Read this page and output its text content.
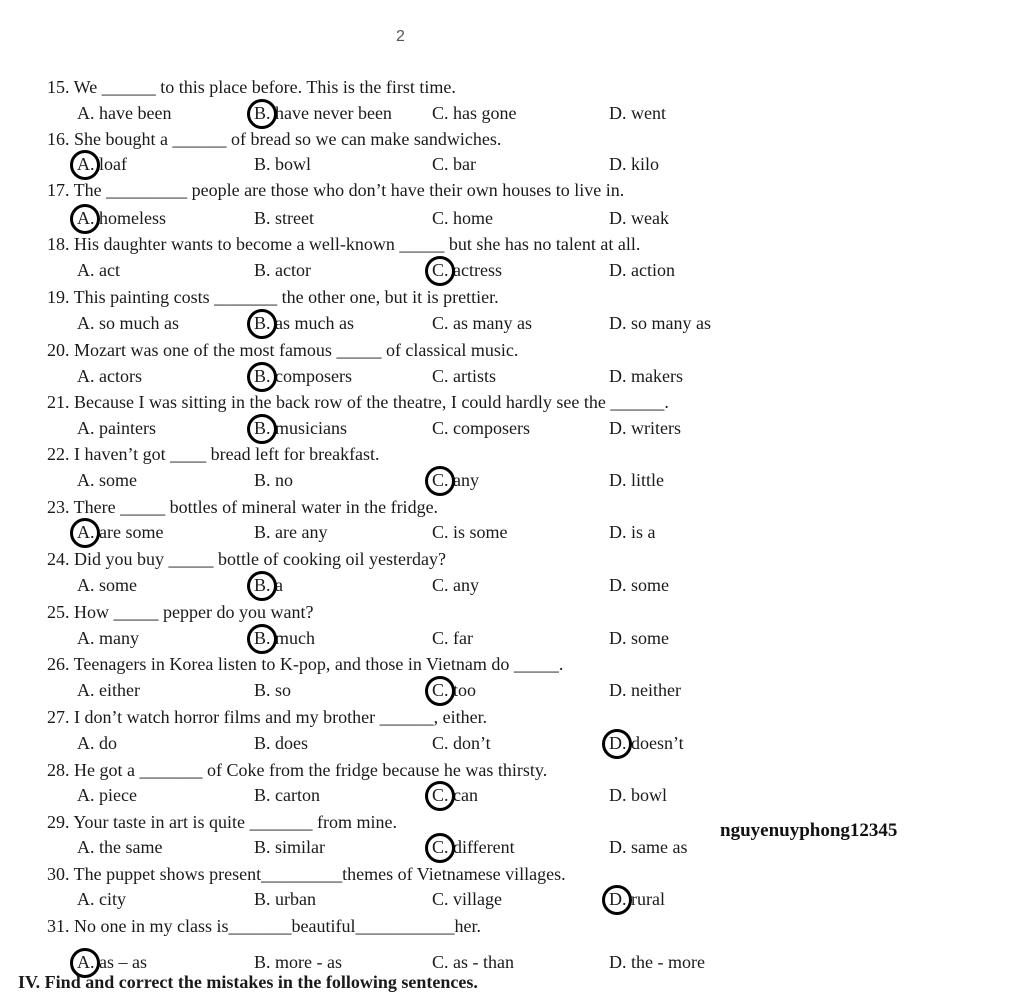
2
15. We ______ to this place before. This is the first time.
A. have been	B. have never been C. has gone	D. went
16. She bought a ______ of bread so we can make sandwiches.
A. loaf	B. bowl	C. bar	D. kilo
17. The _________ people are those who don’t have their own houses to live in.
A. homeless	B. street	C. home	D. weak
18. His daughter wants to become a well-known _____ but she has no talent at all.
A. act	B. actor	C. actress	D. action
19. This painting costs _______ the other one, but it is prettier.
A. so much as	B. as much as	C. as many as	D. so many as
20. Mozart was one of the most famous _____ of classical music.
A. actors	B. composers	C. artists	D. makers
21. Because I was sitting in the back row of the theatre, I could hardly see the ______.
A. painters	B. musicians	C. composers	D. writers
22. I haven’t got ____ bread left for breakfast.
A. some	B. no	C. any	D. little
23. There _____ bottles of mineral water in the fridge.
A. are some	B. are any	C. is some	D. is a
24. Did you buy _____ bottle of cooking oil yesterday?
A. some	B. a	C. any	D. some
25. How _____ pepper do you want?
A. many	B. much	C. far	D. some
26. Teenagers in Korea listen to K-pop, and those in Vietnam do _____.
A. either	B. so	C. too	D. neither
27. I don’t watch horror films and my brother ______, either.
A. do	B. does	C. don’t	D. doesn’t
28. He got a _______ of Coke from the fridge because he was thirsty.
A. piece	B. carton	C. can	D. bowl
29. Your taste in art is quite _______ from mine.
A. the same	B. similar	C. different	D. same as
30. The puppet shows present_________themes of Vietnamese villages.
A. city	B. urban	C. village	D. rural
31. No one in my class is_______beautiful___________her.
A. as – as	B. more - as	C. as - than	D. the - more
nguyenuyphong12345
IV. Find and correct the mistakes in the following sentences.
